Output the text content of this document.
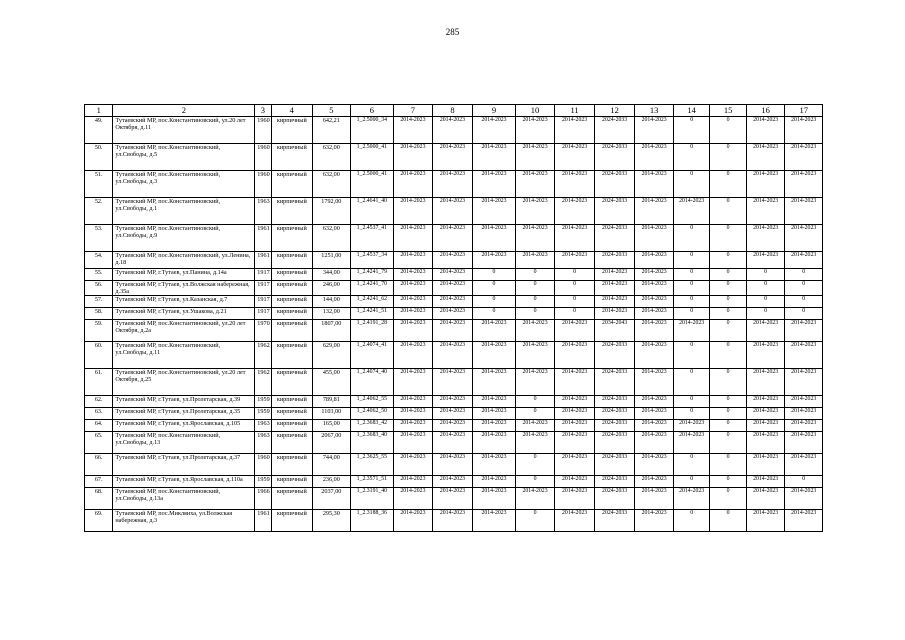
285
1	2	3	4	5	6	7	8	9	10	11	12	13	14	15	16	17
49.	Тутаевский МР, пос.Константиновский, ул.20 лет Октября, д.11	1960	кирпичный	642,21	1_2.5000_34	2014-2023	2014-2023	2014-2023	2014-2023	2014-2023	2024-2033	2014-2023	0	0	2014-2023	2014-2023
50.	Тутаевский МР, пос.Константиновский, ул.Свободы, д.5	1960	кирпичный	632,00	1_2.5000_41	2014-2023	2014-2023	2014-2023	2014-2023	2014-2023	2024-2033	2014-2023	0	0	2014-2023	2014-2023
51.	Тутаевский МР, пос.Константиновский, ул.Свободы, д.3	1960	кирпичный	632,00	1_2.5000_41	2014-2023	2014-2023	2014-2023	2014-2023	2014-2023	2024-2033	2014-2023	0	0	2014-2023	2014-2023
52.	Тутаевский МР, пос.Константиновский, ул.Свободы, д.1	1963	кирпичный	1792,00	1_2.4641_40	2014-2023	2014-2023	2014-2023	2014-2023	2014-2023	2024-2033	2014-2023	2014-2023	0	2014-2023	2014-2023
53.	Тутаевский МР, пос.Константиновский, ул.Свободы, д.9	1961	кирпичный	632,00	1_2.4537_41	2014-2023	2014-2023	2014-2023	2014-2023	2014-2023	2024-2033	2014-2023	0	0	2014-2023	2014-2023
54.	Тутаевский МР, пос.Константиновский, ул.Ленина, д.18	1961	кирпичный	1251,00	1_2.4537_34	2014-2023	2014-2023	2014-2023	2014-2023	2014-2023	2024-2033	2014-2023	0	0	2014-2023	2014-2023
55.	Тутаевский МР, г.Тутаев, ул.Панина, д.14а	1917	кирпичный	344,00	1_2.4241_79	2014-2023	2014-2023	0	0	0	2014-2023	2014-2023	0	0	0	0
56.	Тутаевский МР, г.Тутаев, ул.Волжская набережная, д.35а	1917	кирпичный	246,00	1_2.4241_70	2014-2023	2014-2023	0	0	0	2014-2023	2014-2023	0	0	0	0
57.	Тутаевский МР, г.Тутаев, ул.Казанская, д.7	1917	кирпичный	144,00	1_2.4241_62	2014-2023	2014-2023	0	0	0	2014-2023	2014-2023	0	0	0	0
58.	Тутаевский МР, г.Тутаев, ул.Ушакова, д.21	1917	кирпичный	132,00	1_2.4241_51	2014-2023	2014-2023	0	0	0	2014-2023	2014-2023	0	0	0	0
59.	Тутаевский МР, пос.Константиновский, ул.20 лет Октября, д.2а	1970	кирпичный	1807,00	1_2.4191_28	2014-2023	2014-2023	2014-2023	2014-2023	2014-2023	2034-2043	2014-2023	2014-2023	0	2014-2023	2014-2023
60.	Тутаевский МР, пос.Константиновский, ул.Свободы, д.11	1962	кирпичный	629,00	1_2.4074_41	2014-2023	2014-2023	2014-2023	2014-2023	2014-2023	2024-2033	2014-2023	0	0	2014-2023	2014-2023
61.	Тутаевский МР, пос.Константиновский, ул.20 лет Октября, д.25	1962	кирпичный	455,00	1_2.4074_40	2014-2023	2014-2023	2014-2023	2014-2023	2014-2023	2024-2033	2014-2023	0	0	2014-2023	2014-2023
62.	Тутаевский МР, г.Тутаев, ул.Пролетарская, д.39	1959	кирпичный	789,81	1_2.4062_55	2014-2023	2014-2023	2014-2023	0	2014-2023	2024-2033	2014-2023	0	0	2014-2023	2014-2023
63.	Тутаевский МР, г.Тутаев, ул.Пролетарская, д.35	1959	кирпичный	1103,00	1_2.4062_50	2014-2023	2014-2023	2014-2023	0	2014-2023	2024-2033	2014-2023	0	0	2014-2023	2014-2023
64.	Тутаевский МР, г.Тутаев, ул.Ярославская, д.105	1963	кирпичный	165,00	1_2.3683_42	2014-2023	2014-2023	2014-2023	2014-2023	2014-2023	2024-2033	2014-2023	2014-2023	0	2014-2023	2014-2023
65.	Тутаевский МР, пос.Константиновский, ул.Свободы, д.13	1963	кирпичный	2067,00	1_2.3683_40	2014-2023	2014-2023	2014-2023	2014-2023	2014-2023	2024-2033	2014-2023	2014-2023	0	2014-2023	2014-2023
66.	Тутаевский МР, г.Тутаев, ул.Пролетарская, д.37	1960	кирпичный	744,00	1_2.3625_55	2014-2023	2014-2023	2014-2023	0	2014-2023	2024-2033	2014-2023	0	0	2014-2023	2014-2023
67.	Тутаевский МР, г.Тутаев, ул.Ярославская, д.110а	1959	кирпичный	236,00	1_2.3571_51	2014-2023	2014-2023	2014-2023	0	2014-2023	2024-2033	2014-2023	0	0	2014-2023	0
68.	Тутаевский МР, пос.Константиновский, ул.Свободы, д.13а	1966	кирпичный	2037,00	1_2.3191_40	2014-2023	2014-2023	2014-2023	2014-2023	2014-2023	2024-2033	2014-2023	2014-2023	0	2014-2023	2014-2023
69.	Тутаевский МР, пос.Микляиха, ул.Волжская набережная, д.3	1961	кирпичный	295,30	1_2.3188_36	2014-2023	2014-2023	2014-2023	0	2014-2023	2024-2033	2014-2023	0	0	2014-2023	2014-2023
